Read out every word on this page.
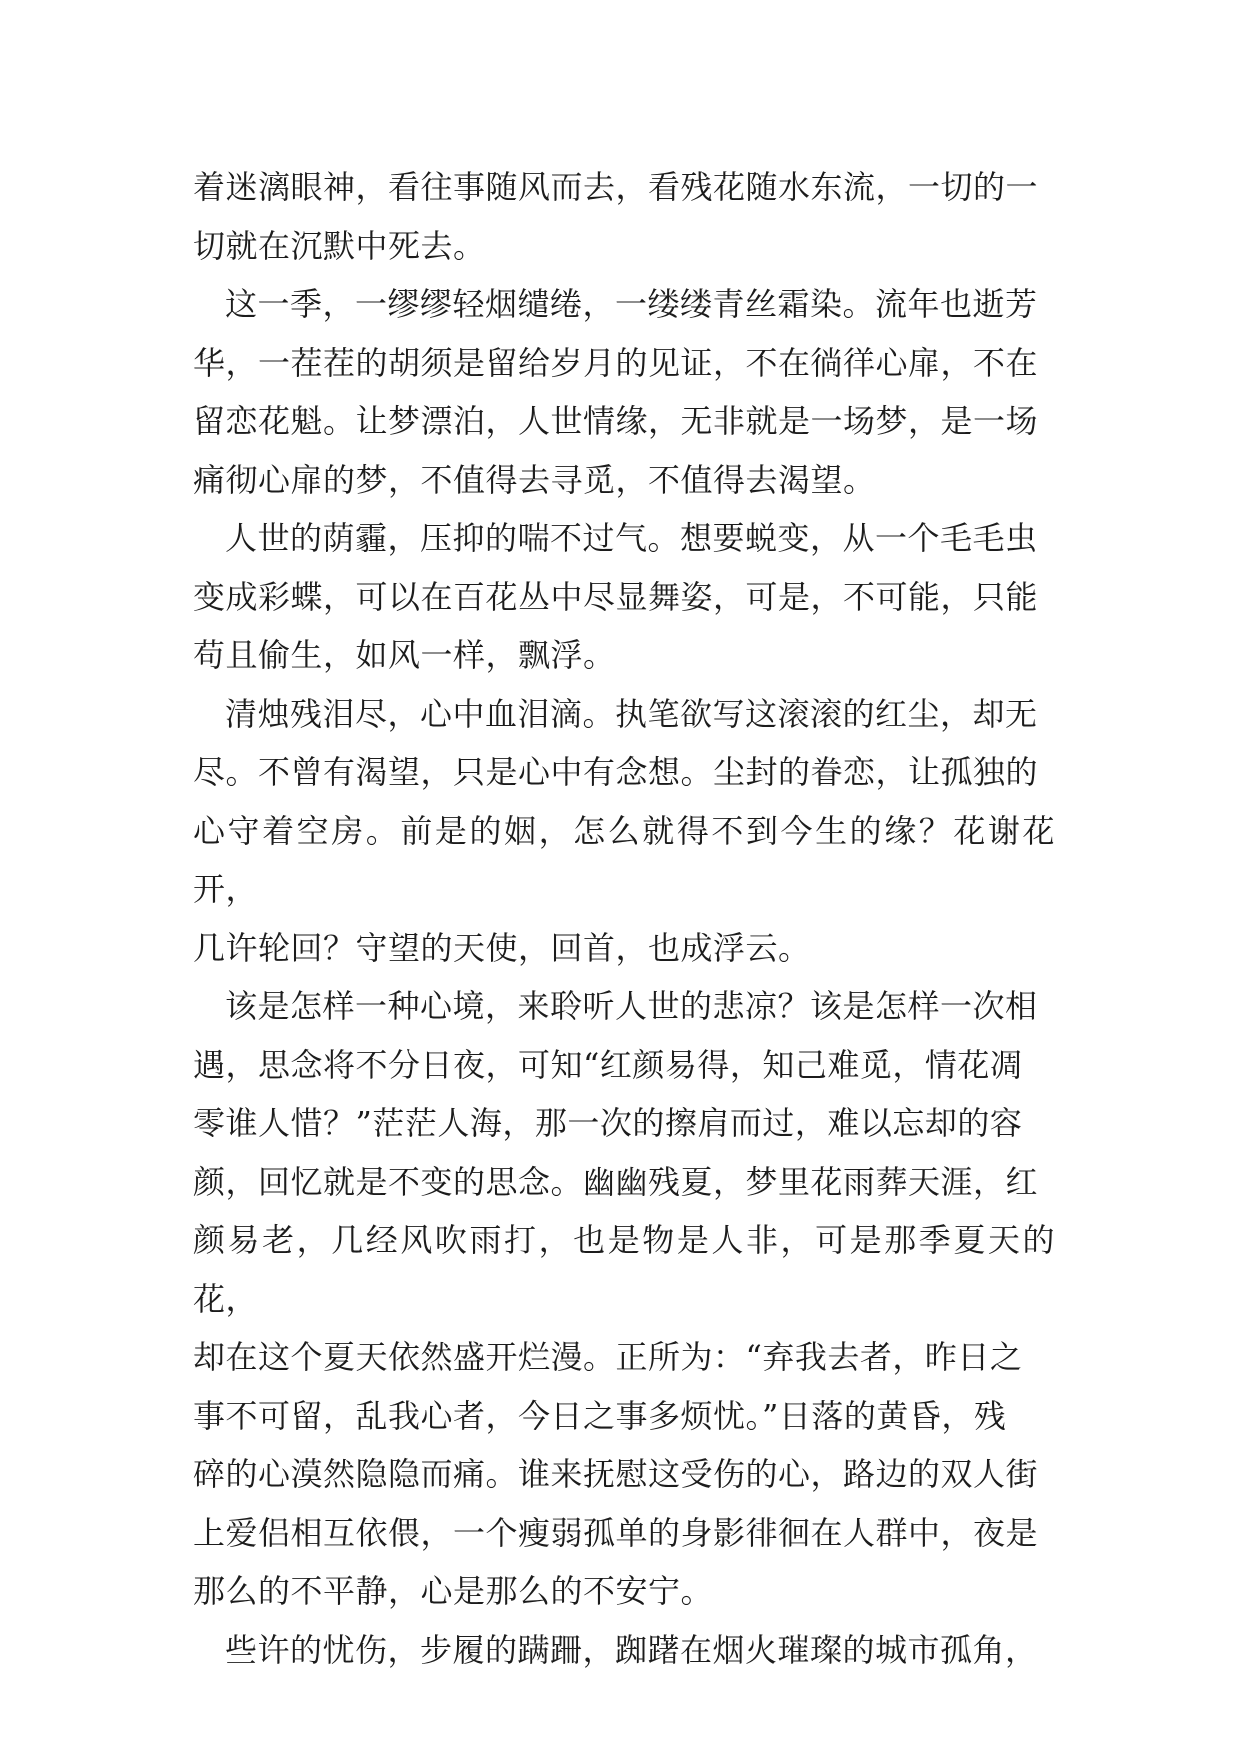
着迷漓眼神，看往事随风而去，看残花随水东流，一切的一
切就在沉默中死去。

这一季，一缪缪轻烟缱绻，一缕缕青丝霜染。流年也逝芳
华，一茬茬的胡须是留给岁月的见证，不在徜徉心扉，不在
留恋花魁。让梦漂泊，人世情缘，无非就是一场梦，是一场
痛彻心扉的梦，不值得去寻觅，不值得去渴望。

人世的荫霾，压抑的喘不过气。想要蜕变，从一个毛毛虫
变成彩蝶，可以在百花丛中尽显舞姿，可是，不可能，只能
苟且偷生，如风一样，飘浮。

清烛残泪尽，心中血泪滴。执笔欲写这滚滚的红尘，却无
尽。不曾有渴望，只是心中有念想。尘封的眷恋，让孤独的
心守着空房。前是的姻，怎么就得不到今生的缘？花谢花开，
几许轮回？守望的天使，回首，也成浮云。

该是怎样一种心境，来聆听人世的悲凉？该是怎样一次相
遇，思念将不分日夜，可知“红颜易得，知己难觅，情花凋
零谁人惜？”茫茫人海，那一次的擦肩而过，难以忘却的容
颜，回忆就是不变的思念。幽幽残夏，梦里花雨葬天涯，红
颜易老，几经风吹雨打，也是物是人非，可是那季夏天的花，
却在这个夏天依然盛开烂漫。正所为：“弃我去者，昨日之
事不可留，乱我心者，今日之事多烦忧。”日落的黄昏，残
碎的心漠然隐隐而痛。谁来抚慰这受伤的心，路边的双人街
上爱侣相互依偎，一个瘦弱孤单的身影徘徊在人群中，夜是
那么的不平静，心是那么的不安宁。

些许的忧伤，步履的蹒跚，踟躇在烟火璀璨的城市孤角，
